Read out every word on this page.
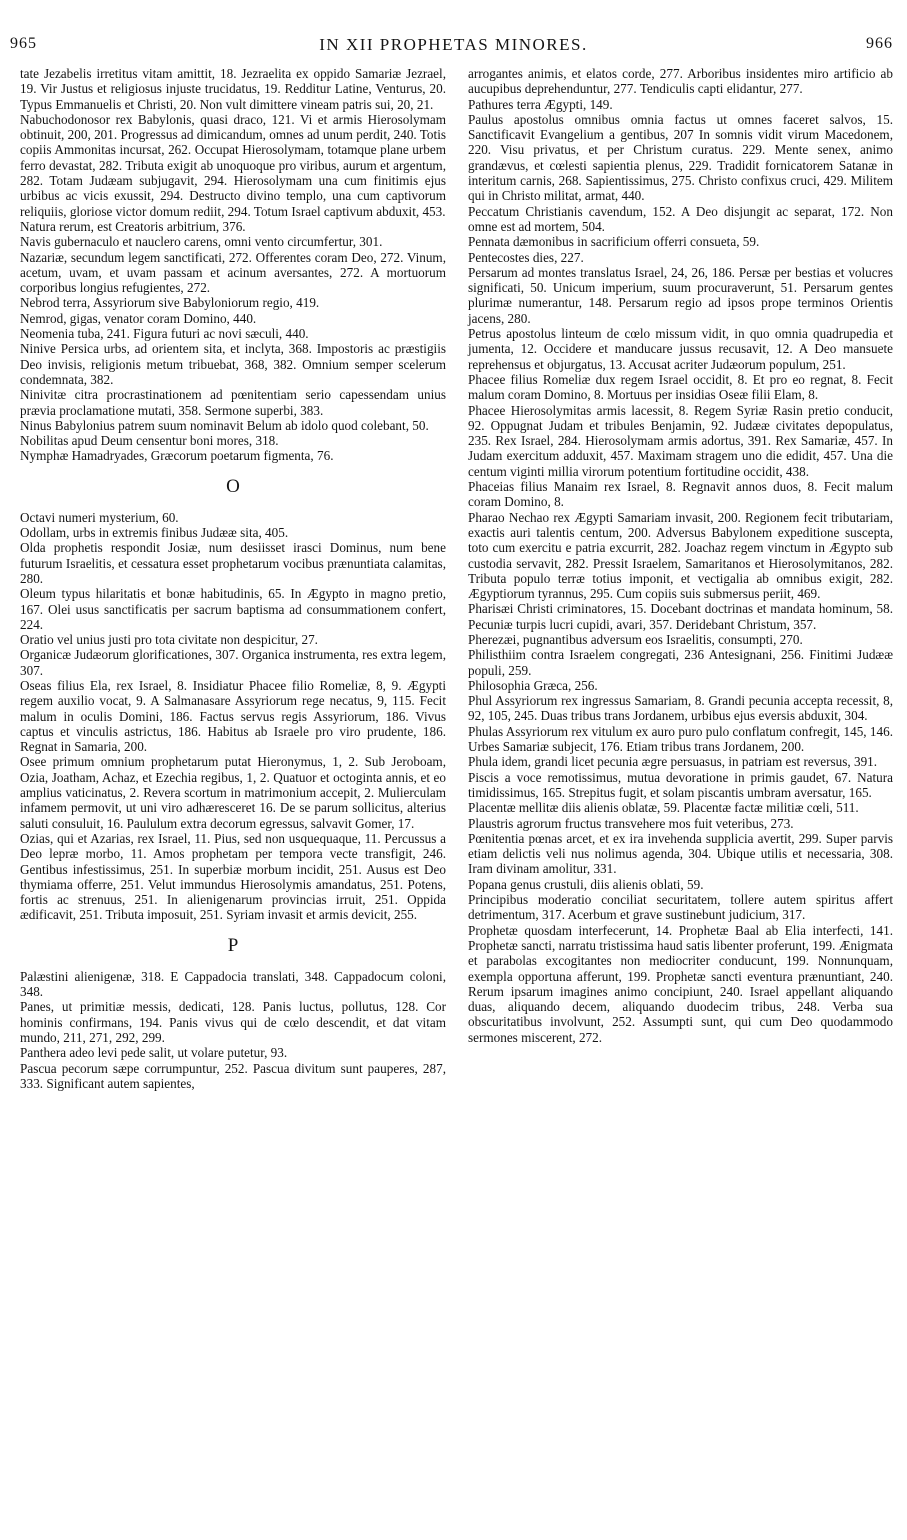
965	IN XII PROPHETAS MINORES.	966

tate Jezabelis irretitus vitam amittit, 18. Jezraelita ex oppido Samariæ Jezrael, 19. Vir Justus et religiosus injuste trucidatus, 19. Redditur Latine, Venturus, 20. Typus Emmanuelis et Christi, 20. Non vult dimittere vineam patris sui, 20, 21.

Nabuchodonosor rex Babylonis, quasi draco, 121. Vi et armis Hierosolymam obtinuit, 200, 201. Progressus ad dimicandum, omnes ad unum perdit, 240. Totis copiis Ammonitas incursat, 262. Occupat Hierosolymam, totamque plane urbem ferro devastat, 282. Tributa exigit ab unoquoque pro viribus, aurum et argentum, 282. Totam Judæam subjugavit, 294. Hierosolymam una cum finitimis ejus urbibus ac vicis exussit, 294. Destructo divino templo, una cum captivorum reliquiis, gloriose victor domum rediit, 294. Totum Israel captivum abduxit, 453.

Natura rerum, est Creatoris arbitrium, 376.

Navis gubernaculo et nauclero carens, omni vento circumfertur, 301.

Nazariæ, secundum legem sanctificati, 272. Offerentes coram Deo, 272. Vinum, acetum, uvam, et uvam passam et acinum aversantes, 272. A mortuorum corporibus longius refugientes, 272.

Nebrod terra, Assyriorum sive Babyloniorum regio, 419.

Nemrod, gigas, venator coram Domino, 440.

Neomenia tuba, 241. Figura futuri ac novi sæculi, 440.

Ninive Persica urbs, ad orientem sita, et inclyta, 368. Impostoris ac præstigiis Deo invisis, religionis metum tribuebat, 368, 382. Omnium semper scelerum condemnata, 382.

Ninivitæ citra procrastinationem ad pœnitentiam serio capessendam unius prævia proclamatione mutati, 358. Sermone superbi, 383.

Ninus Babylonius patrem suum nominavit Belum ab idolo quod colebant, 50.

Nobilitas apud Deum censentur boni mores, 318.

Nymphæ Hamadryades, Græcorum poetarum figmenta, 76.

O

Octavi numeri mysterium, 60.

Odollam, urbs in extremis finibus Judææ sita, 405.

Olda prophetis respondit Josiæ, num desiisset irasci Dominus, num bene futurum Israelitis, et cessatura esset prophetarum vocibus prænuntiata calamitas, 280.

Oleum typus hilaritatis et bonæ habitudinis, 65. In Ægypto in magno pretio, 167. Olei usus sanctificatis per sacrum baptisma ad consummationem confert, 224.

Oratio vel unius justi pro tota civitate non despicitur, 27.

Organicæ Judæorum glorificationes, 307. Organica instrumenta, res extra legem, 307.

Oseas filius Ela, rex Israel, 8. Insidiatur Phacee filio Romeliæ, 8, 9. Ægypti regem auxilio vocat, 9. A Salmanasare Assyriorum rege necatus, 9, 115. Fecit malum in oculis Domini, 186. Factus servus regis Assyriorum, 186. Vivus captus et vinculis astrictus, 186. Habitus ab Israele pro viro prudente, 186. Regnat in Samaria, 200.

Osee primum omnium prophetarum putat Hieronymus, 1, 2. Sub Jeroboam, Ozia, Joatham, Achaz, et Ezechia regibus, 1, 2. Quatuor et octoginta annis, et eo amplius vaticinatus, 2. Revera scortum in matrimonium accepit, 2. Mulierculam infamem permovit, ut uni viro adhæresceret 16. De se parum sollicitus, alterius saluti consuluit, 16. Paululum extra decorum egressus, salvavit Gomer, 17.

Ozias, qui et Azarias, rex Israel, 11. Pius, sed non usquequaque, 11. Percussus a Deo lepræ morbo, 11. Amos prophetam per tempora vecte transfigit, 246. Gentibus infestissimus, 251. In superbiæ morbum incidit, 251. Ausus est Deo thymiama offerre, 251. Velut immundus Hierosolymis amandatus, 251. Potens, fortis ac strenuus, 251. In alienigenarum provincias irruit, 251. Oppida ædificavit, 251. Tributa imposuit, 251. Syriam invasit et armis devicit, 255.

P

Palæstini alienigenæ, 318. E Cappadocia translati, 348. Cappadocum coloni, 348.

Panes, ut primitiæ messis, dedicati, 128. Panis luctus, pollutus, 128. Cor hominis confirmans, 194. Panis vivus qui de cœlo descendit, et dat vitam mundo, 211, 271, 292, 299.

Panthera adeo levi pede salit, ut volare putetur, 93.

Pascua pecorum sæpe corrumpuntur, 252. Pascua divitum sunt pauperes, 287, 333. Significant autem sapientes,

arrogantes animis, et elatos corde, 277. Arboribus insidentes miro artificio ab aucupibus deprehenduntur, 277. Tendiculis capti elidantur, 277.

Pathures terra Ægypti, 149.

Paulus apostolus omnibus omnia factus ut omnes faceret salvos, 15. Sanctificavit Evangelium a gentibus, 207 In somnis vidit virum Macedonem, 220. Visu privatus, et per Christum curatus. 229. Mente senex, animo grandævus, et cœlesti sapientia plenus, 229. Tradidit fornicatorem Satanæ in interitum carnis, 268. Sapientissimus, 275. Christo confixus cruci, 429. Militem qui in Christo militat, armat, 440.

Peccatum Christianis cavendum, 152. A Deo disjungit ac separat, 172. Non omne est ad mortem, 504.

Pennata dæmonibus in sacrificium offerri consueta, 59.

Pentecostes dies, 227.

Persarum ad montes translatus Israel, 24, 26, 186. Persæ per bestias et volucres significati, 50. Unicum imperium, suum procuraverunt, 51. Persarum gentes plurimæ numerantur, 148. Persarum regio ad ipsos prope terminos Orientis jacens, 280.

Petrus apostolus linteum de cœlo missum vidit, in quo omnia quadrupedia et jumenta, 12. Occidere et manducare jussus recusavit, 12. A Deo mansuete reprehensus et objurgatus, 13. Accusat acriter Judæorum populum, 251.

Phacee filius Romeliæ dux regem Israel occidit, 8. Et pro eo regnat, 8. Fecit malum coram Domino, 8. Mortuus per insidias Oseæ filii Elam, 8.

Phacee Hierosolymitas armis lacessit, 8. Regem Syriæ Rasin pretio conducit, 92. Oppugnat Judam et tribules Benjamin, 92. Judææ civitates depopulatus, 235. Rex Israel, 284. Hierosolymam armis adortus, 391. Rex Samariæ, 457. In Judam exercitum adduxit, 457. Maximam stragem uno die edidit, 457. Una die centum viginti millia virorum potentium fortitudine occidit, 438.

Phaceias filius Manaim rex Israel, 8. Regnavit annos duos, 8. Fecit malum coram Domino, 8.

Pharao Nechao rex Ægypti Samariam invasit, 200. Regionem fecit tributariam, exactis auri talentis centum, 200. Adversus Babylonem expeditione suscepta, toto cum exercitu e patria excurrit, 282. Joachaz regem vinctum in Ægypto sub custodia servavit, 282. Pressit Israelem, Samaritanos et Hierosolymitanos, 282. Tributa populo terræ totius imponit, et vectigalia ab omnibus exigit, 282. Ægyptiorum tyrannus, 295. Cum copiis suis submersus periit, 469.

Pharisæi Christi criminatores, 15. Docebant doctrinas et mandata hominum, 58. Pecuniæ turpis lucri cupidi, avari, 357. Deridebant Christum, 357.

Pherezæi, pugnantibus adversum eos Israelitis, consumpti, 270.

Philisthiim contra Israelem congregati, 236 Antesignani, 256. Finitimi Judææ populi, 259.

Philosophia Græca, 256.

Phul Assyriorum rex ingressus Samariam, 8. Grandi pecunia accepta recessit, 8, 92, 105, 245. Duas tribus trans Jordanem, urbibus ejus eversis abduxit, 304.

Phulas Assyriorum rex vitulum ex auro puro pulo conflatum confregit, 145, 146. Urbes Samariæ subjecit, 176. Etiam tribus trans Jordanem, 200.

Phula idem, grandi licet pecunia ægre persuasus, in patriam est reversus, 391.

Piscis a voce remotissimus, mutua devoratione in primis gaudet, 67. Natura timidissimus, 165. Strepitus fugit, et solam piscantis umbram aversatur, 165.

Placentæ mellitæ diis alienis oblatæ, 59. Placentæ factæ militiæ cœli, 511.

Plaustris agrorum fructus transvehere mos fuit veteribus, 273.

Pœnitentia pœnas arcet, et ex ira invehenda supplicia avertit, 299. Super parvis etiam delictis veli nus nolimus agenda, 304. Ubique utilis et necessaria, 308. Iram divinam amolitur, 331.

Popana genus crustuli, diis alienis oblati, 59.

Principibus moderatio conciliat securitatem, tollere autem spiritus affert detrimentum, 317. Acerbum et grave sustinebunt judicium, 317.

Prophetæ quosdam interfecerunt, 14. Prophetæ Baal ab Elia interfecti, 141. Prophetæ sancti, narratu tristissima haud satis libenter proferunt, 199. Ænigmata et parabolas excogitantes non mediocriter conducunt, 199. Nonnunquam, exempla opportuna afferunt, 199. Prophetæ sancti eventura prænuntiant, 240. Rerum ipsarum imagines animo concipiunt, 240. Israel appellant aliquando duas, aliquando decem, aliquando duodecim tribus, 248. Verba sua obscuritatibus involvunt, 252. Assumpti sunt, qui cum Deo quodammodo sermones miscerent, 272.
